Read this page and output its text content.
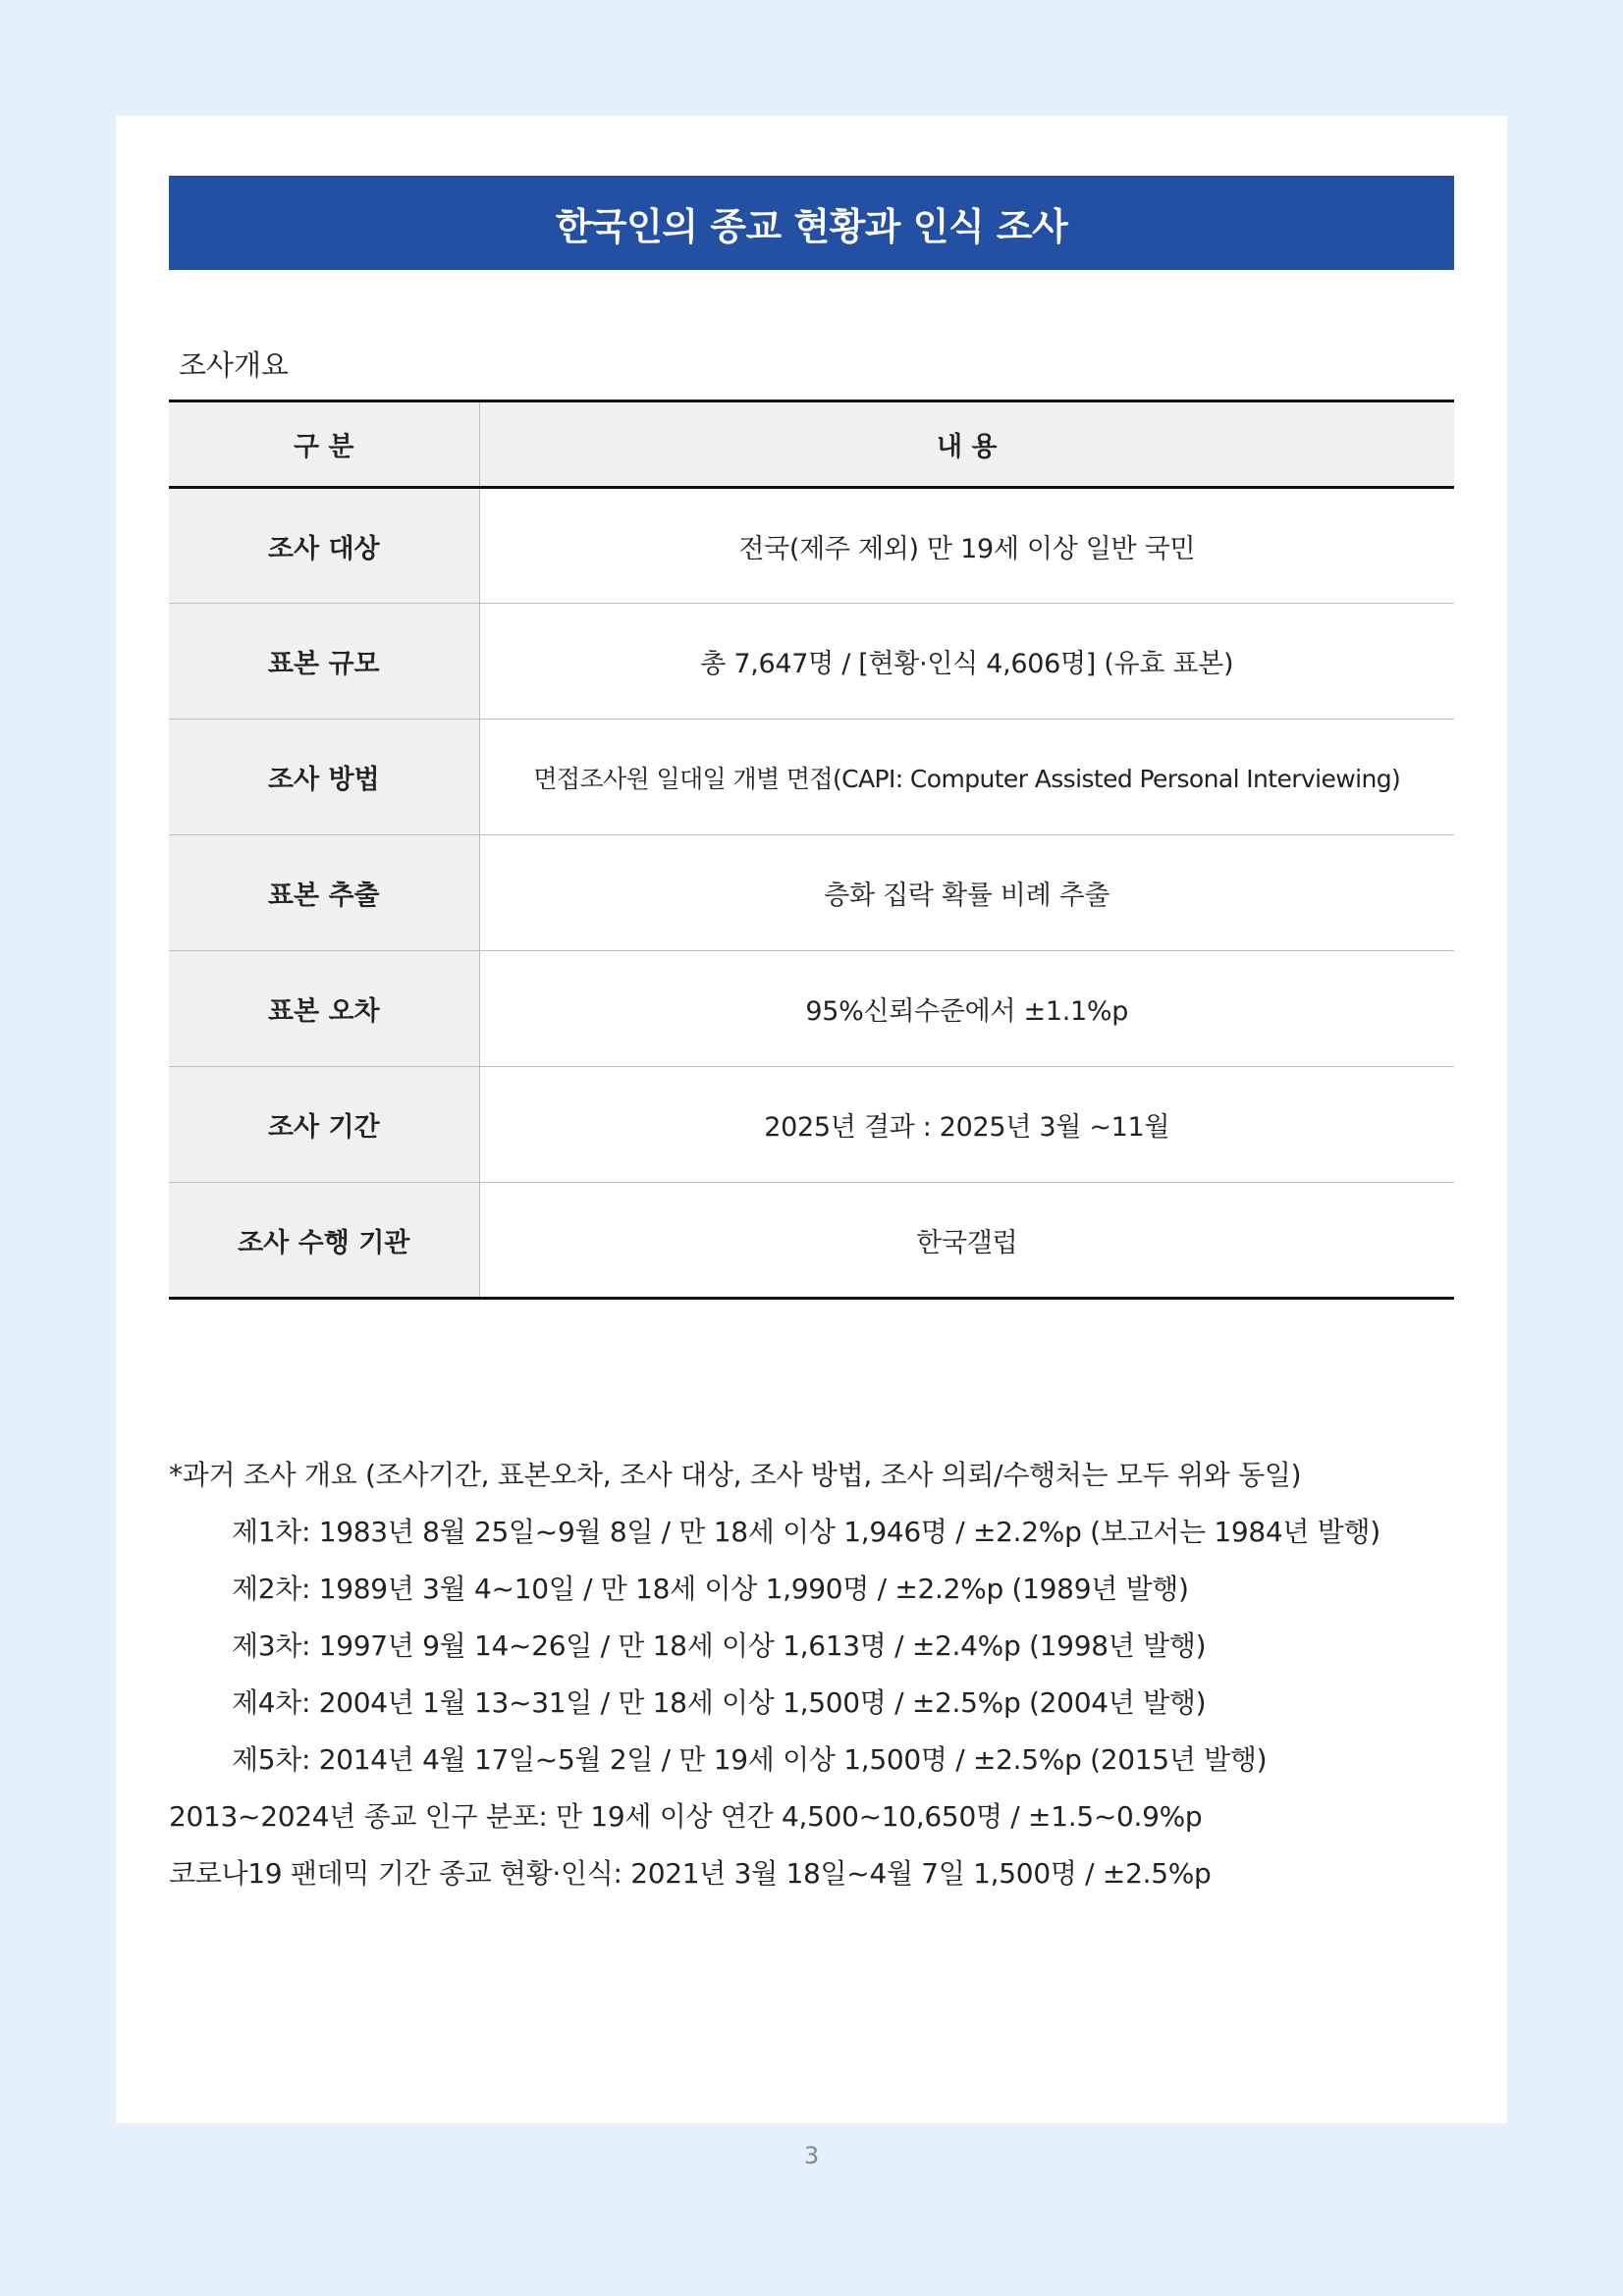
한국인의 종교 현황과 인식 조사
조사개요
구 분	내 용
조사 대상	전국(제주 제외) 만 19세 이상 일반 국민
표본 규모	총 7,647명 / [현황·인식 4,606명] (유효 표본)
조사 방법	면접조사원 일대일 개별 면접(CAPI: Computer Assisted Personal Interviewing)
표본 추출	층화 집락 확률 비례 추출
표본 오차	95%신뢰수준에서 ±1.1%p
조사 기간	2025년 결과 : 2025년 3월 ~11월
조사 수행 기관	한국갤럽
*과거 조사 개요 (조사기간, 표본오차, 조사 대상, 조사 방법, 조사 의뢰/수행처는 모두 위와 동일)
제1차: 1983년 8월 25일~9월 8일 / 만 18세 이상 1,946명 / ±2.2%p (보고서는 1984년 발행)
제2차: 1989년 3월 4~10일 / 만 18세 이상 1,990명 / ±2.2%p (1989년 발행)
제3차: 1997년 9월 14~26일 / 만 18세 이상 1,613명 / ±2.4%p (1998년 발행)
제4차: 2004년 1월 13~31일 / 만 18세 이상 1,500명 / ±2.5%p (2004년 발행)
제5차: 2014년 4월 17일~5월 2일 / 만 19세 이상 1,500명 / ±2.5%p (2015년 발행)
2013~2024년 종교 인구 분포: 만 19세 이상 연간 4,500~10,650명 / ±1.5~0.9%p
코로나19 팬데믹 기간 종교 현황·인식: 2021년 3월 18일~4월 7일 1,500명 / ±2.5%p
3
